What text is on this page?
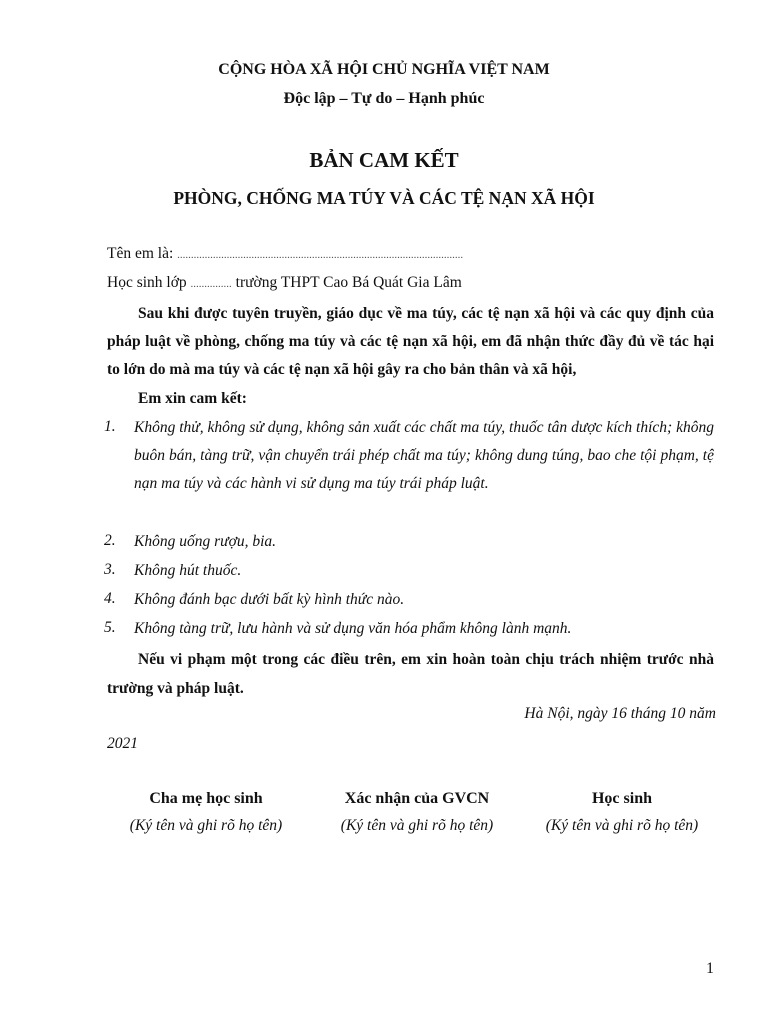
CỘNG HÒA XÃ HỘI CHỦ NGHĨA VIỆT NAM
Độc lập – Tự do – Hạnh phúc
BẢN CAM KẾT
PHÒNG, CHỐNG MA TÚY VÀ CÁC TỆ NẠN XÃ HỘI
Tên em là: ........................................................................................................
Học sinh lớp ............... trường THPT Cao Bá Quát Gia Lâm
Sau khi được tuyên truyền, giáo dục về ma túy, các tệ nạn xã hội và các quy định của pháp luật về phòng, chống ma túy và các tệ nạn xã hội, em đã nhận thức đầy đủ về tác hại to lớn do mà ma túy và các tệ nạn xã hội gây ra cho bản thân và xã hội,
Em xin cam kết:
1. Không thử, không sử dụng, không sản xuất các chất ma túy, thuốc tân dược kích thích; không buôn bán, tàng trữ, vận chuyển trái phép chất ma túy; không dung túng, bao che tội phạm, tệ nạn ma túy và các hành vi sử dụng ma túy trái pháp luật.
2. Không uống rượu, bia.
3. Không hút thuốc.
4. Không đánh bạc dưới bất kỳ hình thức nào.
5. Không tàng trữ, lưu hành và sử dụng văn hóa phẩm không lành mạnh.
Nếu vi phạm một trong các điều trên, em xin hoàn toàn chịu trách nhiệm trước nhà trường và pháp luật.
Hà Nội, ngày 16 tháng 10 năm
2021
Cha mẹ học sinh
(Ký tên và ghi rõ họ tên)
Xác nhận của GVCN
(Ký tên và ghi rõ họ tên)
Học sinh
(Ký tên và ghi rõ họ tên)
1
